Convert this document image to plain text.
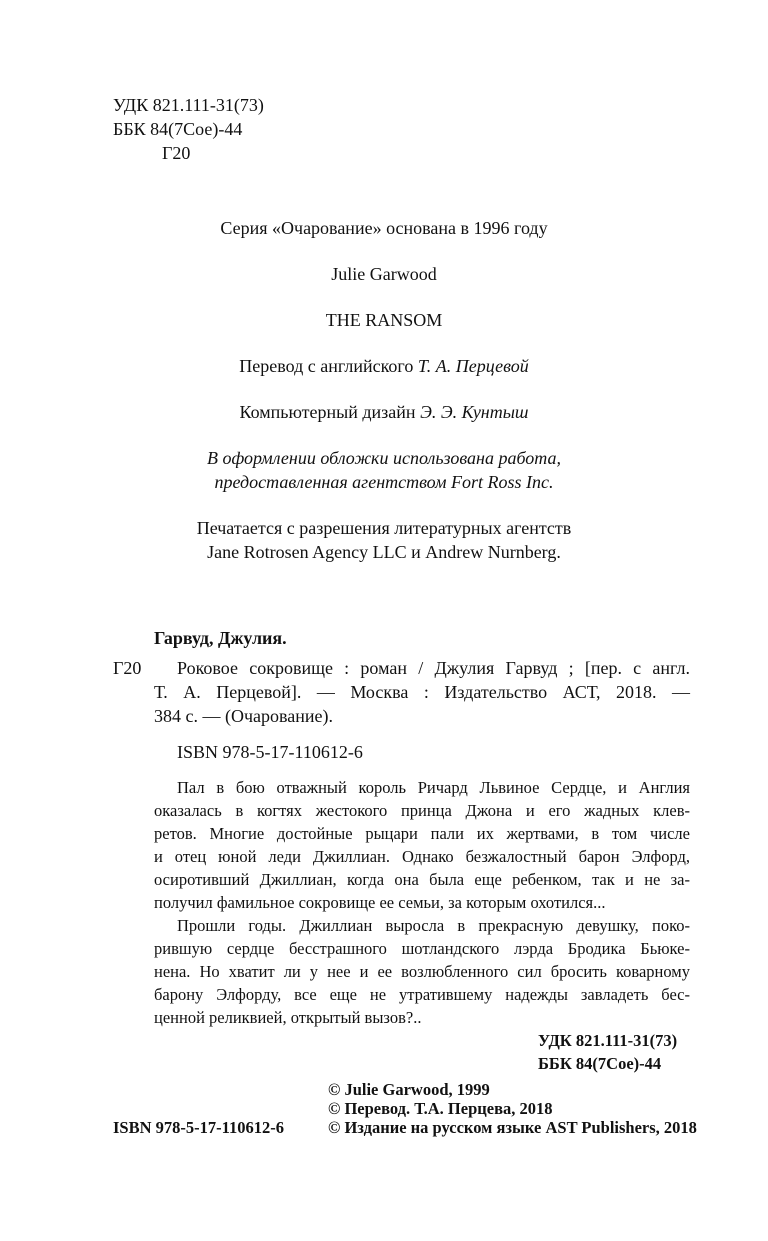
УДК 821.111-31(73)
ББК 84(7Сое)-44
Г20
Серия «Очарование» основана в 1996 году
Julie Garwood
THE RANSOM
Перевод с английского Т. А. Перцевой
Компьютерный дизайн Э. Э. Кунтыш
В оформлении обложки использована работа,
предоставленная агентством Fort Ross Inc.
Печатается с разрешения литературных агентств
Jane Rotrosen Agency LLC и Andrew Nurnberg.
Гарвуд, Джулия.
Г20 Роковое сокровище : роман / Джулия Гарвуд ; [пер. с англ.
Т. А. Перцевой]. — Москва : Издательство АСТ, 2018. —
384 с. — (Очарование).
ISBN 978-5-17-110612-6
Пал в бою отважный король Ричард Львиное Сердце, и Англия
оказалась в когтях жестокого принца Джона и его жадных клев-
ретов. Многие достойные рыцари пали их жертвами, в том числе
и отец юной леди Джиллиан. Однако безжалостный барон Элфорд,
осиротивший Джиллиан, когда она была еще ребенком, так и не за-
получил фамильное сокровище ее семьи, за которым охотился...
Прошли годы. Джиллиан выросла в прекрасную девушку, поко-
рившую сердце бесстрашного шотландского лэрда Бродика Бьюке-
нена. Но хватит ли у нее и ее возлюбленного сил бросить коварному
барону Элфорду, все еще не утратившему надежды завладеть бес-
ценной реликвией, открытый вызов?..
УДК 821.111-31(73)
ББК 84(7Сое)-44
© Julie Garwood, 1999
© Перевод. Т.А. Перцева, 2018
ISBN 978-5-17-110612-6	© Издание на русском языке AST Publishers, 2018
